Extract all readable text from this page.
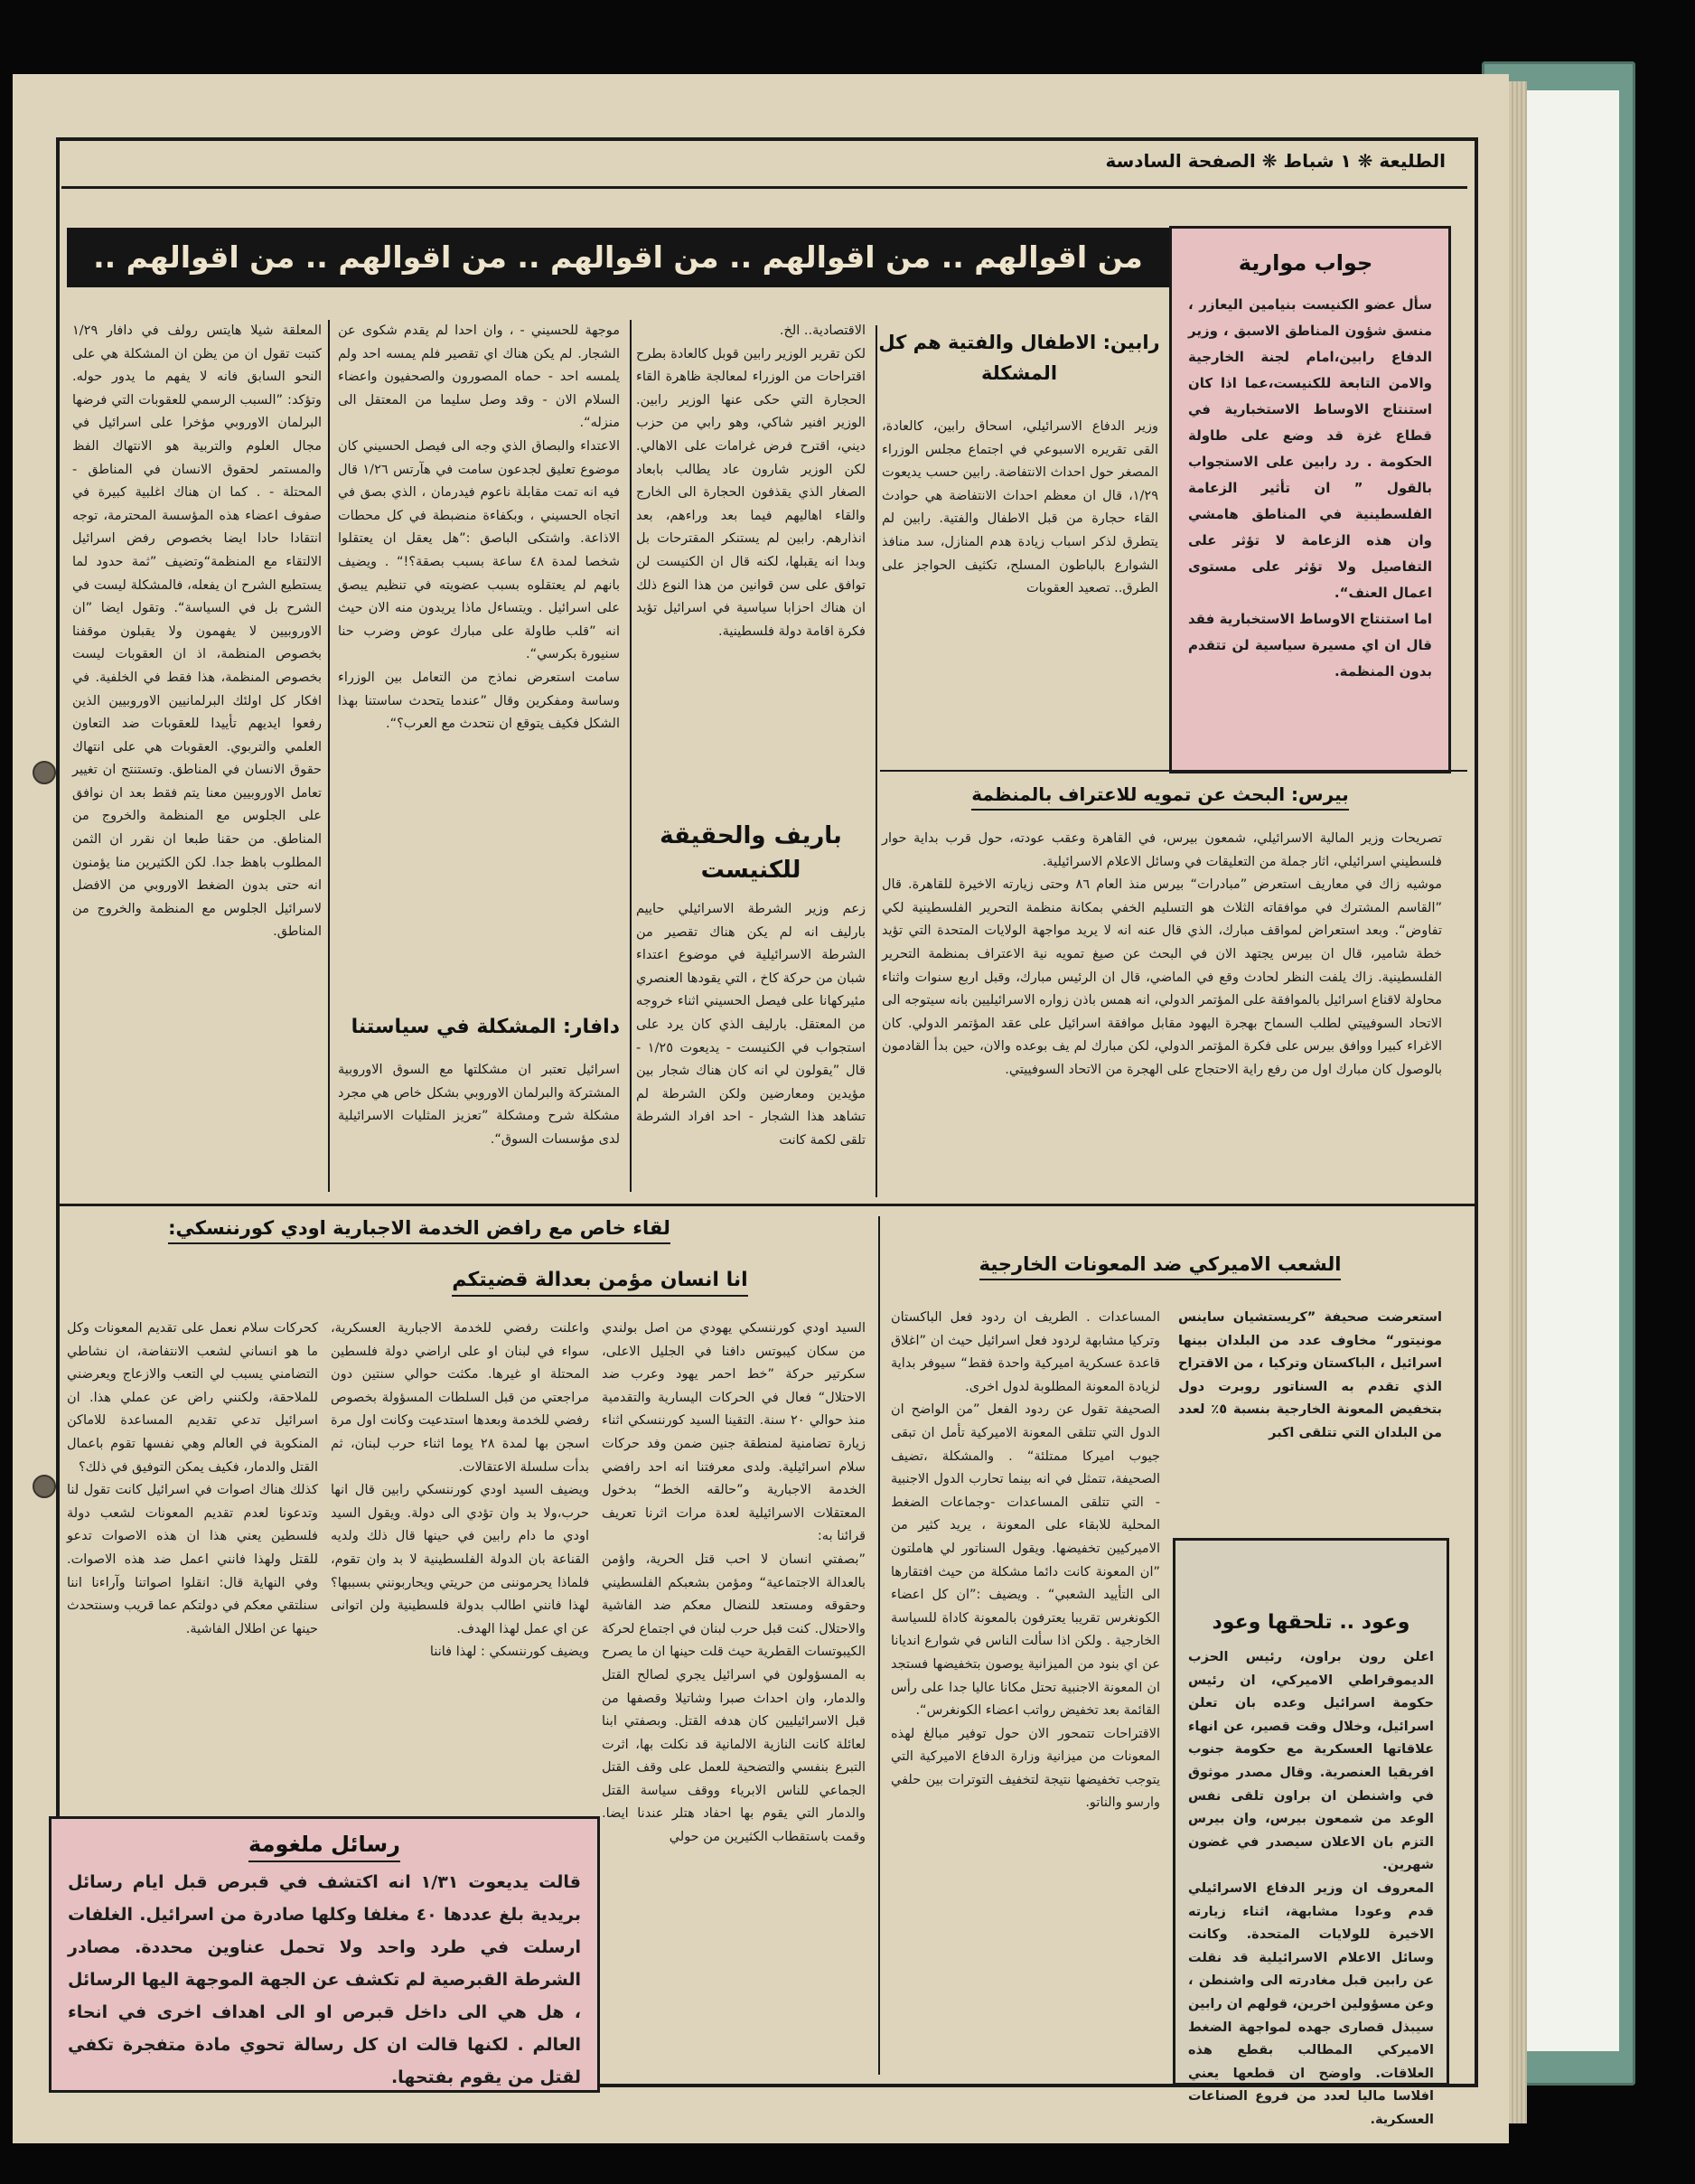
الطليعة ❋ ١ شباط ❋ الصفحة السادسة
من اقوالهم .. من اقوالهم .. من اقوالهم .. من اقوالهم .. من اقوالهم ..	جواب موارية

سأل عضو الكنيست بنيامين اليعازر ، منسق شؤون المناطق الاسبق ، وزير الدفاع رابين،امام لجنة الخارجية والامن التابعة للكنيست،عما اذا كان استنتاج الاوساط الاستخبارية في قطاع غزة قد وضع على طاولة الحكومة . رد رابين على الاستجواب بالقول ” ان تأثير الزعامة الفلسطينية في المناطق هامشي وان هذه الزعامة لا تؤثر على التفاصيل ولا تؤثر على مستوى اعمال العنف“.
اما استنتاج الاوساط الاستخبارية فقد قال ان اي مسيرة سياسية لن تتقدم بدون المنظمة.

رابين: الاطفال والفتية هم كل المشكلة

وزير الدفاع الاسرائيلي، اسحاق رابين، كالعادة، القى تقريره الاسبوعي في اجتماع مجلس الوزراء المصغر حول احداث الانتفاضة. رابين حسب يديعوت ١/٢٩، قال ان معظم احداث الانتفاضة هي حوادث القاء حجارة من قبل الاطفال والفتية. رابين لم يتطرق لذكر اسباب زيادة هدم المنازل، سد منافذ الشوارع بالباطون المسلح، تكثيف الحواجز على الطرق.. تصعيد العقوبات

الاقتصادية.. الخ.
لكن تقرير الوزير رابين قوبل كالعادة بطرح اقتراحات من الوزراء لمعالجة ظاهرة القاء الحجارة التي حكى عنها الوزير رابين. الوزير افنير شاكي، وهو رابي من حزب ديني، اقترح فرض غرامات على الاهالي. لكن الوزير شارون عاد يطالب بابعاد الصغار الذي يقذفون الحجارة الى الخارج والقاء اهاليهم فيما بعد وراءهم، بعد انذارهم. رابين لم يستنكر المقترحات بل وبدا انه يقبلها، لكنه قال ان الكنيست لن توافق على سن قوانين من هذا النوع ذلك ان هناك احزابا سياسية في اسرائيل تؤيد فكرة اقامة دولة فلسطينية.

باريف والحقيقة للكنيست

زعم وزير الشرطة الاسرائيلي حاييم بارليف انه لم يكن هناك تقصير من الشرطة الاسرائيلية في موضوع اعتداء شبان من حركة كاخ ، التي يقودها العنصري مئيركهانا على فيصل الحسيني اثناء خروجه من المعتقل. بارليف الذي كان يرد على استجواب في الكنيست - يديعوت ١/٢٥ - قال ”يقولون لي انه كان هناك شجار بين مؤيدين ومعارضين ولكن الشرطة لم تشاهد هذا الشجار - احد افراد الشرطة تلقى لكمة كانت

موجهة للحسيني - ، وان احدا لم يقدم شكوى عن الشجار. لم يكن هناك اي تقصير فلم يمسه احد ولم يلمسه احد - حماه المصورون والصحفيون واعضاء السلام الان - وقد وصل سليما من المعتقل الى منزله“.
الاعتداء والبصاق الذي وجه الى فيصل الحسيني كان موضوع تعليق لجدعون سامت في هآرتس ١/٢٦ قال فيه انه تمت مقابلة ناعوم فيدرمان ، الذي بصق في اتجاه الحسيني ، وبكفاءة منضبطة في كل محطات الاذاعة. واشتكى الباصق :”هل يعقل ان يعتقلوا شخصا لمدة ٤٨ ساعة بسبب بصقة؟!“ . ويضيف بانهم لم يعتقلوه بسبب عضويته في تنظيم يبصق على اسرائيل . ويتساءل ماذا يريدون منه الان حيث انه ”قلب طاولة على مبارك عوض وضرب حنا سنيورة بكرسي“.
سامت استعرض نماذج من التعامل بين الوزراء وساسة ومفكرين وقال ”عندما يتحدث ساستنا بهذا الشكل فكيف يتوقع ان نتحدث مع العرب؟“.

دافار: المشكلة في سياستنا

اسرائيل تعتبر ان مشكلتها مع السوق الاوروبية المشتركة والبرلمان الاوروبي بشكل خاص هي مجرد مشكلة شرح ومشكلة ”تعزيز المثليات الاسرائيلية لدى مؤسسات السوق“.

المعلقة شيلا هايتس رولف في دافار ١/٢٩ كتبت تقول ان من يظن ان المشكلة هي على النحو السابق فانه لا يفهم ما يدور حوله. وتؤكد: ”السبب الرسمي للعقوبات التي فرضها البرلمان الاوروبي مؤخرا على اسرائيل في مجال العلوم والتربية هو الانتهاك الفظ والمستمر لحقوق الانسان في المناطق - المحتلة - . كما ان هناك اغلبية كبيرة في صفوف اعضاء هذه المؤسسة المحترمة، توجه انتقادا حادا ايضا بخصوص رفض اسرائيل الالتقاء مع المنظمة“وتضيف ”ثمة حدود لما يستطيع الشرح ان يفعله، فالمشكلة ليست في الشرح بل في السياسة“. وتقول ايضا ”ان الاوروبيين لا يفهمون ولا يقبلون موقفنا بخصوص المنظمة، اذ ان العقوبات ليست بخصوص المنظمة، هذا فقط في الخلفية. في افكار كل اولئك البرلمانيين الاوروبيين الذين رفعوا ايديهم تأييدا للعقوبات ضد التعاون العلمي والتربوي. العقوبات هي على انتهاك حقوق الانسان في المناطق. وتستنتج ان تغيير تعامل الاوروبيين معنا يتم فقط بعد ان نوافق على الجلوس مع المنظمة والخروج من المناطق. من حقنا طبعا ان نقرر ان الثمن المطلوب باهظ جدا. لكن الكثيرين منا يؤمنون انه حتى بدون الضغط الاوروبي من الافضل لاسرائيل الجلوس مع المنظمة والخروج من المناطق.

بيرس: البحث عن تمويه للاعتراف بالمنظمة

تصريحات وزير المالية الاسرائيلي، شمعون بيرس، في القاهرة وعقب عودته، حول قرب بداية حوار فلسطيني اسرائيلي، اثار جملة من التعليقات في وسائل الاعلام الاسرائيلية.
موشيه زاك في معاريف استعرض ”مبادرات“ بيرس منذ العام ٨٦ وحتى زيارته الاخيرة للقاهرة. قال ”القاسم المشترك في موافقاته الثلاث هو التسليم الخفي بمكانة منظمة التحرير الفلسطينية لكي تفاوض“. وبعد استعراض لمواقف مبارك، الذي قال عنه انه لا يريد مواجهة الولايات المتحدة التي تؤيد خطة شامير، قال ان بيرس يجتهد الان في البحث عن صيغ تمويه نية الاعتراف بمنظمة التحرير الفلسطينية. زاك يلفت النظر لحادث وقع في الماضي، قال ان الرئيس مبارك، وقبل اربع سنوات واثناء محاولة لاقناع اسرائيل بالموافقة على المؤتمر الدولي، انه همس باذن زواره الاسرائيليين بانه سيتوجه الى الاتحاد السوفييتي لطلب السماح بهجرة اليهود مقابل موافقة اسرائيل على عقد المؤتمر الدولي. كان الاغراء كبيرا ووافق بيرس على فكرة المؤتمر الدولي، لكن مبارك لم يف بوعده والان، حين بدأ القادمون بالوصول كان مبارك اول من رفع راية الاحتجاج على الهجرة من الاتحاد السوفييتي.

الشعب الاميركي ضد المعونات الخارجية

استعرضت صحيفة ”كريستشيان ساينس مونيتور“ مخاوف عدد من البلدان بينها اسرائيل ، الباكستان وتركيا ، من الاقتراح الذي تقدم به السناتور روبرت دول بتخفيض المعونة الخارجية بنسبة ٥٪ لعدد من البلدان التي تتلقى اكبر

المساعدات . الطريف ان ردود فعل الباكستان وتركيا مشابهة لردود فعل اسرائيل حيث ان ”اغلاق قاعدة عسكرية اميركية واحدة فقط“ سيوفر بداية لزيادة المعونة المطلوبة لدول اخرى.
الصحيفة تقول عن ردود الفعل ”من الواضح ان الدول التي تتلقى المعونة الاميركية تأمل ان تبقى جيوب اميركا ممتلئة“ . والمشكلة ،تضيف الصحيفة، تتمثل في انه بينما تحارب الدول الاجنبية - التي تتلقى المساعدات -وجماعات الضغط المحلية للابقاء على المعونة ، يريد كثير من الاميركيين تخفيضها. ويقول السناتور لي هاملتون ”ان المعونة كانت دائما مشكلة من حيث افتقارها الى التأييد الشعبي“ . ويضيف :”ان كل اعضاء الكونغرس تقريبا يعترفون بالمعونة كاداة للسياسة الخارجية . ولكن اذا سألت الناس في شوارع انديانا عن اي بنود من الميزانية يوصون بتخفيضها فستجد ان المعونة الاجنبية تحتل مكانا عاليا جدا على رأس القائمة بعد تخفيض رواتب اعضاء الكونغرس“.
الاقتراحات تتمحور الان حول توفير مبالغ لهذه المعونات من ميزانية وزارة الدفاع الاميركية التي يتوجب تخفيضها نتيجة لتخفيف التوترات بين حلفي وارسو والناتو.

وعود .. تلحقها وعود

اعلن رون براون، رئيس الحزب الديموقراطي الاميركي، ان رئيس حكومة اسرائيل وعده بان تعلن اسرائيل، وخلال وقت قصير، عن انهاء علاقاتها العسكرية مع حكومة جنوب افريقيا العنصرية. وقال مصدر موثوق في واشنطن ان براون تلقى نفس الوعد من شمعون بيرس، وان بيرس التزم بان الاعلان سيصدر في غضون شهرين.
المعروف ان وزير الدفاع الاسرائيلي قدم وعودا مشابهة، اثناء زيارته الاخيرة للولايات المتحدة. وكانت وسائل الاعلام الاسرائيلية قد نقلت عن رابين قبل مغادرته الى واشنطن ، وعن مسؤولين اخرين، قولهم ان رابين سيبذل قصارى جهده لمواجهة الضغط الاميركي المطالب بقطع هذه العلاقات. واوضح ان قطعها يعني افلاسا ماليا لعدد من فروع الصناعات العسكرية.

لقاء خاص مع رافض الخدمة الاجبارية اودي كورننسكي:
انا انسان مؤمن بعدالة قضيتكم

السيد اودي كورننسكي يهودي من اصل بولندي من سكان كيبوتس دافنا في الجليل الاعلى، سكرتير حركة ”خط احمر يهود وعرب ضد الاحتلال“ فعال في الحركات اليسارية والتقدمية منذ حوالي ٢٠ سنة. التقينا السيد كورننسكي اثناء زيارة تضامنية لمنطقة جنين ضمن وفد حركات سلام اسرائيلية. ولدى معرفتنا انه احد رافضي الخدمة الاجبارية و”حالقه الخط“ بدخول المعتقلات الاسرائيلية لعدة مرات اثرنا تعريف قرائنا به:
”بصفتي انسان لا احب قتل الحرية، واؤمن بالعدالة الاجتماعية“ ومؤمن بشعبكم الفلسطيني وحقوقه ومستعد للنضال معكم ضد الفاشية والاحتلال. كنت قبل حرب لبنان في اجتماع لحركة الكيبوتسات القطرية حيث قلت حينها ان ما يصرح به المسؤولون في اسرائيل يجري لصالح القتل والدمار، وان احداث صبرا وشاتيلا وقصفها من قبل الاسرائيليين كان هدفه القتل. وبصفتي ابنا لعائلة كانت النازية الالمانية قد نكلت بها، اثرت التبرع بنفسي والتضحية للعمل على وقف القتل الجماعي للناس الابرياء ووقف سياسة القتل والدمار التي يقوم بها احفاد هتلر عندنا ايضا. وقمت باستقطاب الكثيرين من حولي

واعلنت رفضي للخدمة الاجبارية العسكرية، سواء في لبنان او على اراضي دولة فلسطين المحتلة او غيرها. مكثت حوالي سنتين دون مراجعتي من قبل السلطات المسؤولة بخصوص رفضي للخدمة وبعدها استدعيت وكانت اول مرة اسجن بها لمدة ٢٨ يوما اثناء حرب لبنان، ثم بدأت سلسلة الاعتقالات.
ويضيف السيد اودي كورننسكي رابين قال انها حرب،ولا بد وان تؤدي الى دولة. ويقول السيد اودي ما دام رابين في حينها قال ذلك ولديه القناعة بان الدولة الفلسطينية لا بد وان تقوم، فلماذا يحرموننى من حريتي ويحاربونني بسببها؟ لهذا فانني اطالب بدولة فلسطينية ولن اتوانى عن اي عمل لهذا الهدف.
ويضيف كورننسكي : لهذا فاننا

كحركات سلام نعمل على تقديم المعونات وكل ما هو انساني لشعب الانتفاضة، ان نشاطي التضامني يسبب لي التعب والازعاج ويعرضني للملاحقة، ولكنني راض عن عملي هذا. ان اسرائيل تدعي تقديم المساعدة للاماكن المنكوبة في العالم وهي نفسها تقوم باعمال القتل والدمار، فكيف يمكن التوفيق في ذلك؟
كذلك هناك اصوات في اسرائيل كانت تقول لنا وتدعونا لعدم تقديم المعونات لشعب دولة فلسطين يعني هذا ان هذه الاصوات تدعو للقتل ولهذا فانني اعمل ضد هذه الاصوات. وفي النهاية قال: انقلوا اصواتنا وآراءنا اننا سنلتقي معكم في دولتكم عما قريب وسنتحدث حينها عن اطلال الفاشية.

رسائل ملغومة

قالت يديعوت ١/٣١ انه اكتشف في قبرص قبل ايام رسائل بريدية بلغ عددها ٤٠ مغلفا وكلها صادرة من اسرائيل. الغلفات ارسلت في طرد واحد ولا تحمل عناوين محددة. مصادر الشرطة القبرصية لم تكشف عن الجهة الموجهة اليها الرسائل ، هل هي الى داخل قبرص او الى اهداف اخرى في انحاء العالم . لكنها قالت ان كل رسالة تحوي مادة متفجرة تكفي لقتل من يقوم بفتحها.
